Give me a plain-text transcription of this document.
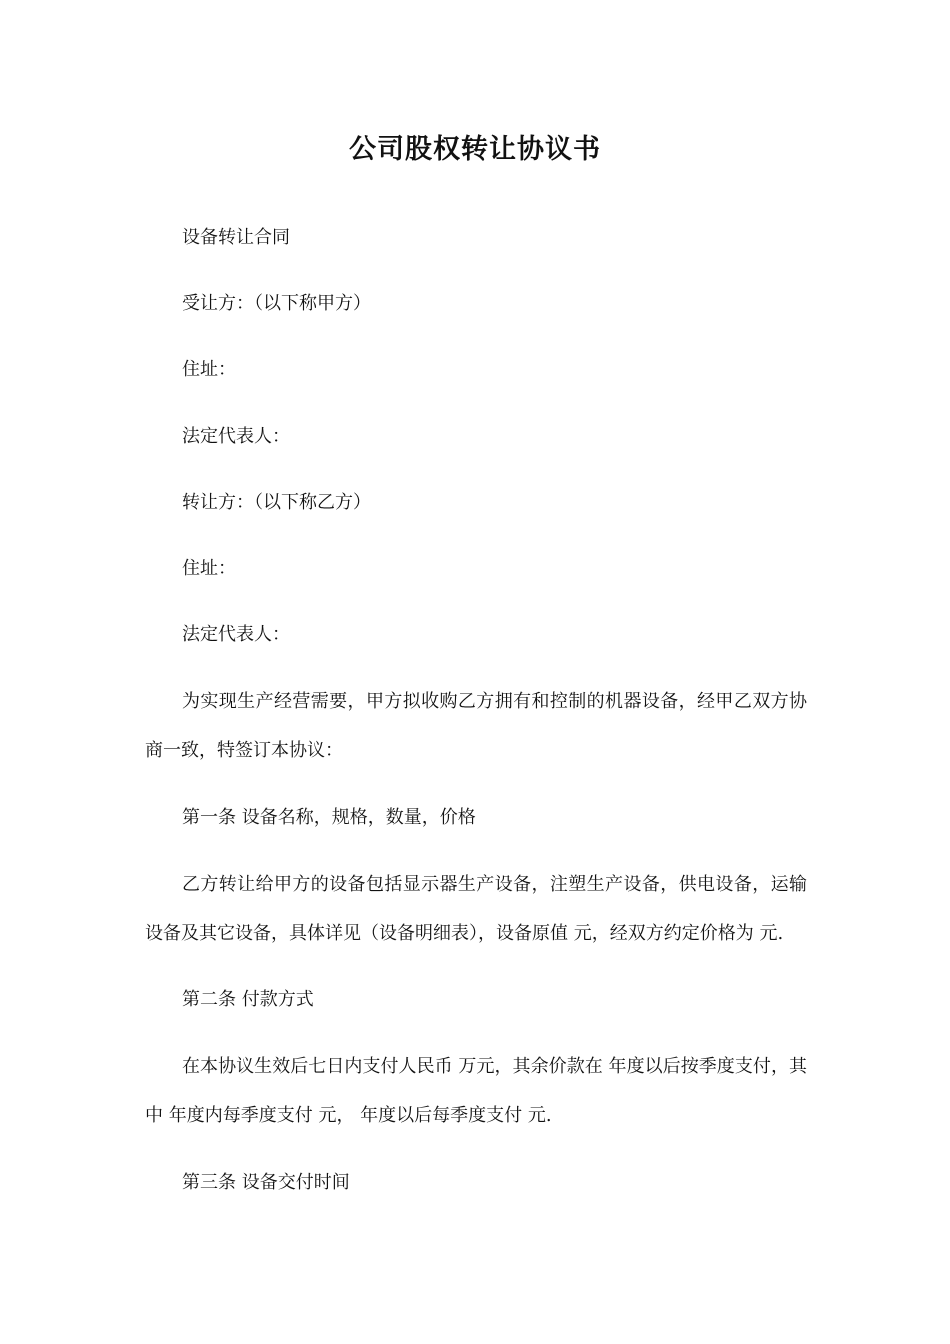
公司股权转让协议书

设备转让合同

受让方：（以下称甲方）

住址：

法定代表人：

转让方：（以下称乙方）

住址：

法定代表人：

为实现生产经营需要，甲方拟收购乙方拥有和控制的机器设备，经甲乙双方协商一致，特签订本协议：

第一条 设备名称，规格，数量，价格

乙方转让给甲方的设备包括显示器生产设备，注塑生产设备，供电设备，运输设备及其它设备，具体详见（设备明细表），设备原值 元，经双方约定价格为 元.

第二条 付款方式

在本协议生效后七日内支付人民币 万元，其余价款在 年度以后按季度支付，其中 年度内每季度支付 元， 年度以后每季度支付 元.

第三条 设备交付时间
